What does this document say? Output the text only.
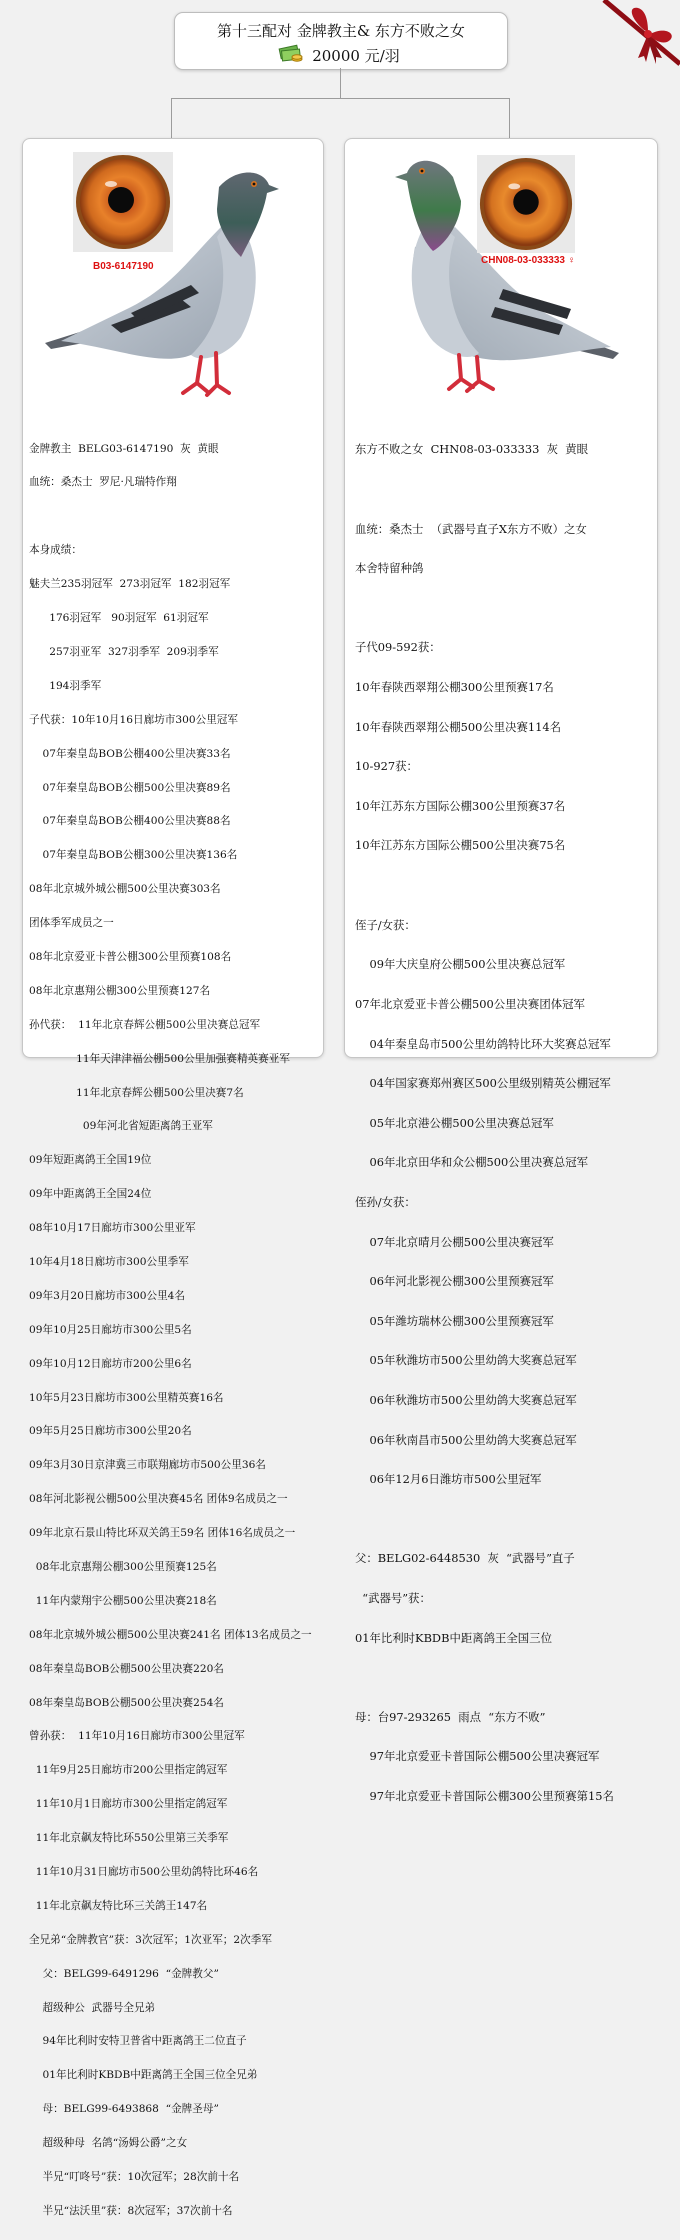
第十三配对 金牌教主& 东方不败之女
20000 元/羽
B03-6147190

金牌教主  BELG03-6147190  灰  黄眼

血统：桑杰士  罗尼·凡瑞特作翔

本身成绩：

魅夫兰235羽冠军  273羽冠军  182羽冠军

176羽冠军   90羽冠军  61羽冠军

257羽亚军  327羽季军  209羽季军

194羽季军

子代获：10年10月16日廊坊市300公里冠军

07年秦皇岛BOB公棚400公里决赛33名

07年秦皇岛BOB公棚500公里决赛89名

07年秦皇岛BOB公棚400公里决赛88名

07年秦皇岛BOB公棚300公里决赛136名

08年北京城外城公棚500公里决赛303名

团体季军成员之一

08年北京爱亚卡普公棚300公里预赛108名

08年北京惠翔公棚300公里预赛127名

孙代获：  11年北京春辉公棚500公里决赛总冠军

11年天津津福公棚500公里加强赛精英赛亚军

11年北京春辉公棚500公里决赛7名

09年河北省短距离鸽王亚军

09年短距离鸽王全国19位

09年中距离鸽王全国24位

08年10月17日廊坊市300公里亚军

10年4月18日廊坊市300公里季军

09年3月20日廊坊市300公里4名

09年10月25日廊坊市300公里5名

09年10月12日廊坊市200公里6名

10年5月23日廊坊市300公里精英赛16名

09年5月25日廊坊市300公里20名

09年3月30日京津冀三市联翔廊坊市500公里36名

08年河北影视公棚500公里决赛45名 团体9名成员之一

09年北京石景山特比环双关鸽王59名 团体16名成员之一

08年北京惠翔公棚300公里预赛125名

11年内蒙翔宇公棚500公里决赛218名

08年北京城外城公棚500公里决赛241名 团体13名成员之一

08年秦皇岛BOB公棚500公里决赛220名

08年秦皇岛BOB公棚500公里决赛254名

曾孙获：  11年10月16日廊坊市300公里冠军

11年9月25日廊坊市200公里指定鸽冠军

11年10月1日廊坊市300公里指定鸽冠军

11年北京飙友特比环550公里第三关季军

11年10月31日廊坊市500公里幼鸽特比环46名

11年北京飙友特比环三关鸽王147名

全兄弟“金牌教官”获：3次冠军；1次亚军；2次季军

父：BELG99-6491296  “金牌教父”

超级种公  武器号全兄弟

94年比利时安特卫普省中距离鸽王二位直子

01年比利时KBDB中距离鸽王全国三位全兄弟

母：BELG99-6493868  “金牌圣母”

超级种母  名鸽“汤姆公爵”之女

半兄“叮咚号”获：10次冠军；28次前十名

半兄“法沃里”获：8次冠军；37次前十名

CHN08-03-033333 ♀

东方不败之女  CHN08-03-033333  灰  黄眼

血统：桑杰士  （武器号直子X东方不败）之女

本舍特留种鸽

子代09-592获：

10年春陕西翠翔公棚300公里预赛17名

10年春陕西翠翔公棚500公里决赛114名

10-927获：

10年江苏东方国际公棚300公里预赛37名

10年江苏东方国际公棚500公里决赛75名

侄子/女获：

09年大庆皇府公棚500公里决赛总冠军

07年北京爱亚卡普公棚500公里决赛团体冠军

04年秦皇岛市500公里幼鸽特比环大奖赛总冠军

04年国家赛郑州赛区500公里级别精英公棚冠军

05年北京港公棚500公里决赛总冠军

06年北京田华和众公棚500公里决赛总冠军

侄孙/女获：

07年北京晴月公棚500公里决赛冠军

06年河北影视公棚300公里预赛冠军

05年潍坊瑞林公棚300公里预赛冠军

05年秋潍坊市500公里幼鸽大奖赛总冠军

06年秋潍坊市500公里幼鸽大奖赛总冠军

06年秋南昌市500公里幼鸽大奖赛总冠军

06年12月6日潍坊市500公里冠军

父：BELG02-6448530  灰  “武器号”直子

“武器号”获：

01年比利时KBDB中距离鸽王全国三位

母：台97-293265  雨点  “东方不败”

97年北京爱亚卡普国际公棚500公里决赛冠军

97年北京爱亚卡普国际公棚300公里预赛第15名
